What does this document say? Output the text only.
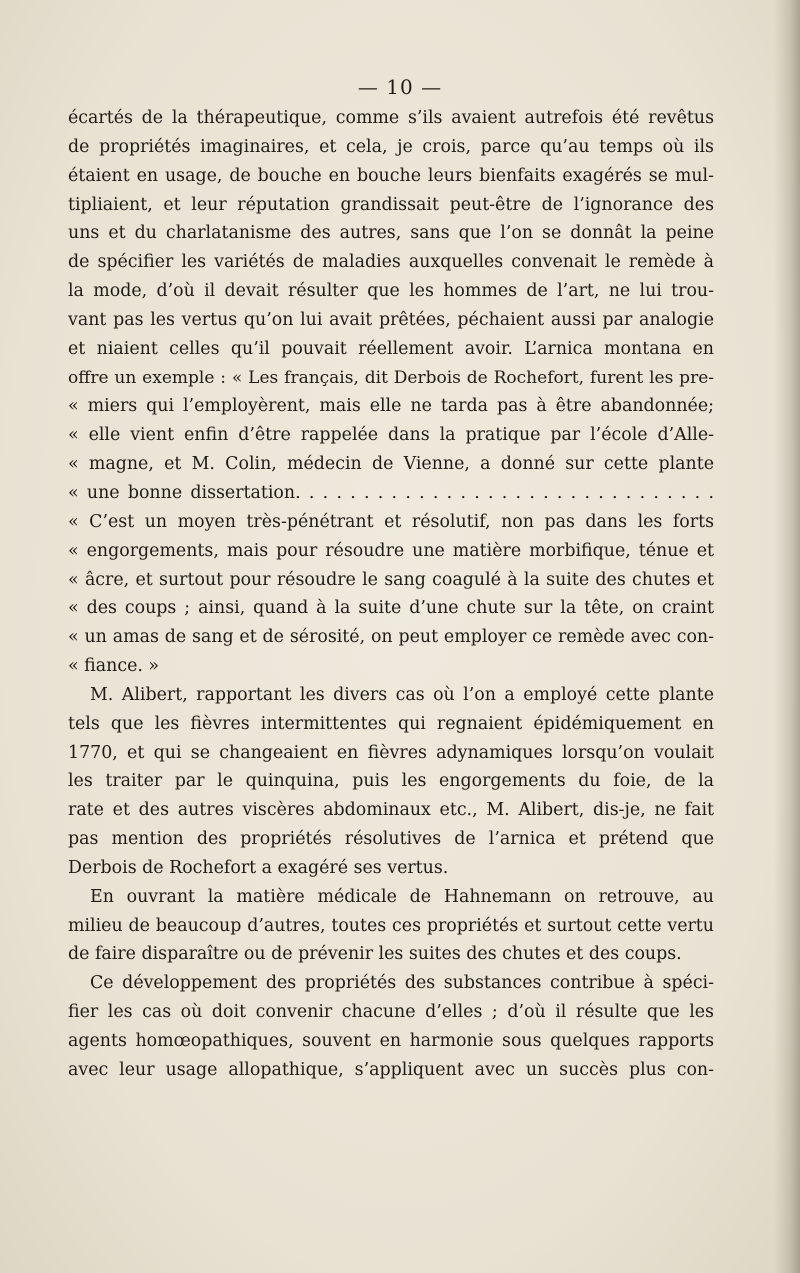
— 10 —
écartés de la thérapeutique, comme s’ils avaient autrefois été revêtus
de propriétés imaginaires, et cela, je crois, parce qu’au temps où ils
étaient en usage, de bouche en bouche leurs bienfaits exagérés se mul-
tipliaient, et leur réputation grandissait peut-être de l’ignorance des
uns et du charlatanisme des autres, sans que l’on se donnât la peine
de spécifier les variétés de maladies auxquelles convenait le remède à
la mode, d’où il devait résulter que les hommes de l’art, ne lui trou-
vant pas les vertus qu’on lui avait prêtées, péchaient aussi par analogie
et niaient celles qu’il pouvait réellement avoir. L’arnica montana en
offre un exemple : « Les français, dit Derbois de Rochefort, furent les pre-
« miers qui l’employèrent, mais elle ne tarda pas à être abandonnée;
« elle vient enfin d’être rappelée dans la pratique par l’école d’Alle-
« magne, et M. Colin, médecin de Vienne, a donné sur cette plante
« une bonne dissertation. . . . . . . . . . . . . . . . . . . . . . . . . . . . . . .
« C’est un moyen très-pénétrant et résolutif, non pas dans les forts
« engorgements, mais pour résoudre une matière morbifique, ténue et
« âcre, et surtout pour résoudre le sang coagulé à la suite des chutes et
« des coups ; ainsi, quand à la suite d’une chute sur la tête, on craint
« un amas de sang et de sérosité, on peut employer ce remède avec con-
« fiance. »
M. Alibert, rapportant les divers cas où l’on a employé cette plante
tels que les fièvres intermittentes qui regnaient épidémiquement en
1770, et qui se changeaient en fièvres adynamiques lorsqu’on voulait
les traiter par le quinquina, puis les engorgements du foie, de la
rate et des autres viscères abdominaux etc., M. Alibert, dis-je, ne fait
pas mention des propriétés résolutives de l’arnica et prétend que
Derbois de Rochefort a exagéré ses vertus.
En ouvrant la matière médicale de Hahnemann on retrouve, au
milieu de beaucoup d’autres, toutes ces propriétés et surtout cette vertu
de faire disparaître ou de prévenir les suites des chutes et des coups.
Ce développement des propriétés des substances contribue à spéci-
fier les cas où doit convenir chacune d’elles ; d’où il résulte que les
agents homœopathiques, souvent en harmonie sous quelques rapports
avec leur usage allopathique, s’appliquent avec un succès plus con-
